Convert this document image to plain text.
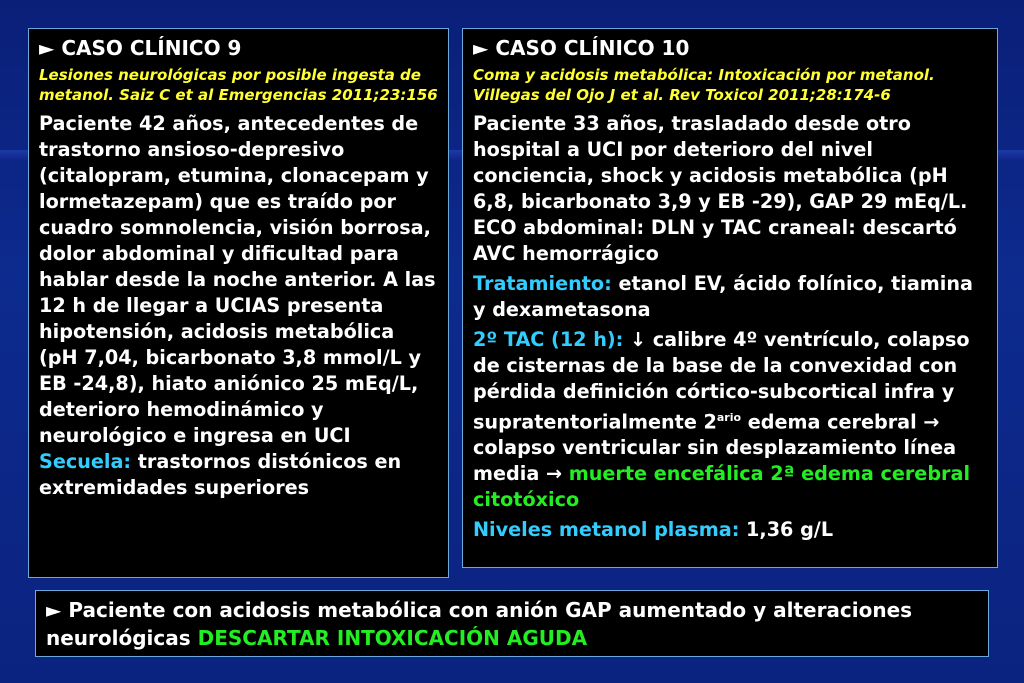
► CASO CLÍNICO 9

Lesiones neurológicas por posible ingesta de metanol. Saiz C et al Emergencias 2011;23:156

Paciente 42 años, antecedentes de trastorno ansioso-depresivo (citalopram, etumina, clonacepam y lormetazepam) que es traído por cuadro somnolencia, visión borrosa, dolor abdominal y dificultad para hablar desde la noche anterior. A las 12 h de llegar a UCIAS presenta hipotensión, acidosis metabólica (pH 7,04, bicarbonato 3,8 mmol/L y EB -24,8), hiato aniónico 25 mEq/L, deterioro hemodinámico y neurológico e ingresa en UCI
Secuela: trastornos distónicos en extremidades superiores

► CASO CLÍNICO 10

Coma y acidosis metabólica: Intoxicación por metanol. Villegas del Ojo J et al. Rev Toxicol 2011;28:174-6

Paciente 33 años, trasladado desde otro hospital a UCI por deterioro del nivel conciencia, shock y acidosis metabólica (pH 6,8, bicarbonato 3,9 y EB -29), GAP 29 mEq/L. ECO abdominal: DLN y TAC craneal: descartó AVC hemorrágico

Tratamiento: etanol EV, ácido folínico, tiamina y dexametasona

2º TAC (12 h): ↓ calibre 4º ventrículo, colapso de cisternas de la base de la convexidad con pérdida definición córtico-subcortical infra y supratentorialmente $2^{ario}$ edema cerebral → colapso ventricular sin desplazamiento línea media → muerte encefálica 2ª edema cerebral citotóxico

Niveles metanol plasma: 1,36 g/L

► Paciente con acidosis metabólica con anión GAP aumentado y alteraciones neurológicas DESCARTAR INTOXICACIÓN AGUDA
